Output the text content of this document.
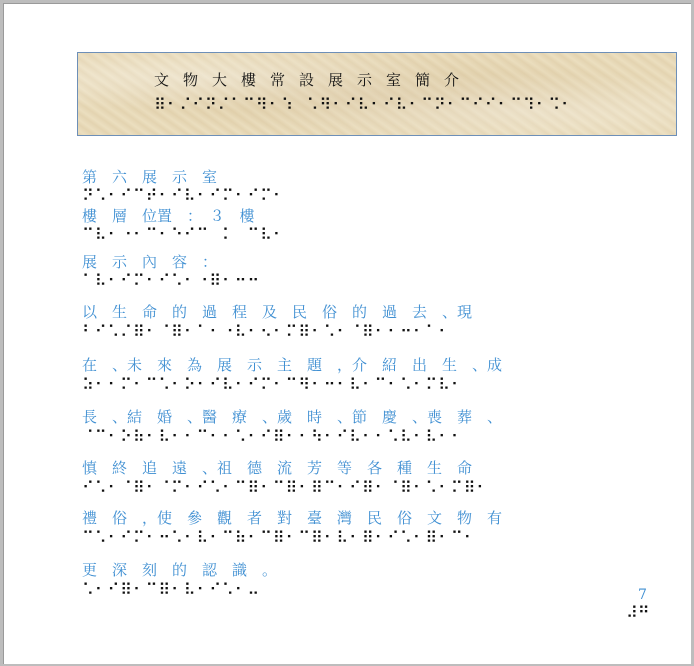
文物大樓常設展示室簡介
⠿⠂⠌⠊⠝⠌⠁⠉⠻⠂⠱⠀⠡⠻⠂⠊⠧⠂⠊⠧⠂⠉⠝⠂⠉⠊⠊⠂⠉⠹⠂⠩⠂
第　六　展　示　室
⠝⠡⠂⠊⠉⠞⠂⠊⠧⠂⠊⠍⠂⠊⠍⠂
樓　層　位置　：　３　樓
⠉⠧⠂⠐⠂⠉⠂⠑⠊⠉⠀⠅⠀⠉⠧⠂
展　示　內　容　：
⠁⠧⠂⠊⠍⠂⠊⠡⠂⠐⠿⠂⠒⠒
以　生　命　的　過　程　及　民　俗　的　過　去　、現
⠃⠊⠡⠌⠿⠂⠈⠿⠂⠁⠂⠐⠧⠂⠢⠂⠍⠿⠂⠡⠂⠈⠿⠂⠂⠒⠂⠁⠂
在　、未　來　為　展　示　主　題　，介　紹　出　生　、成
⠵⠂⠂⠍⠂⠉⠡⠂⠕⠂⠊⠧⠂⠊⠍⠂⠉⠻⠂⠒⠂⠧⠂⠉⠂⠡⠂⠍⠧⠂
長　、結　婚　、醫　療　、歲　時　、節　慶　、喪　葬　、
⠈⠉⠂⠕⠷⠂⠧⠂⠂⠉⠂⠂⠡⠂⠊⠿⠂⠂⠳⠂⠊⠧⠂⠂⠡⠧⠂⠧⠂⠂
慎　終　追　遠　、祖　德　流　芳　等　各　種　生　命
⠊⠡⠂⠈⠿⠂⠈⠍⠂⠊⠡⠂⠉⠿⠂⠉⠿⠂⠿⠉⠂⠊⠿⠂⠈⠿⠂⠡⠂⠍⠿⠂
禮　俗　，使　參　觀　者　對　臺　灣　民　俗　文　物　有
⠉⠡⠂⠊⠍⠂⠒⠡⠂⠧⠂⠉⠷⠂⠉⠿⠂⠉⠿⠂⠧⠂⠿⠂⠊⠡⠂⠿⠂⠉⠂
更　深　刻　的　認　識　。
⠡⠂⠊⠿⠂⠉⠿⠂⠧⠂⠊⠡⠂⠤	7
⠼⠛
